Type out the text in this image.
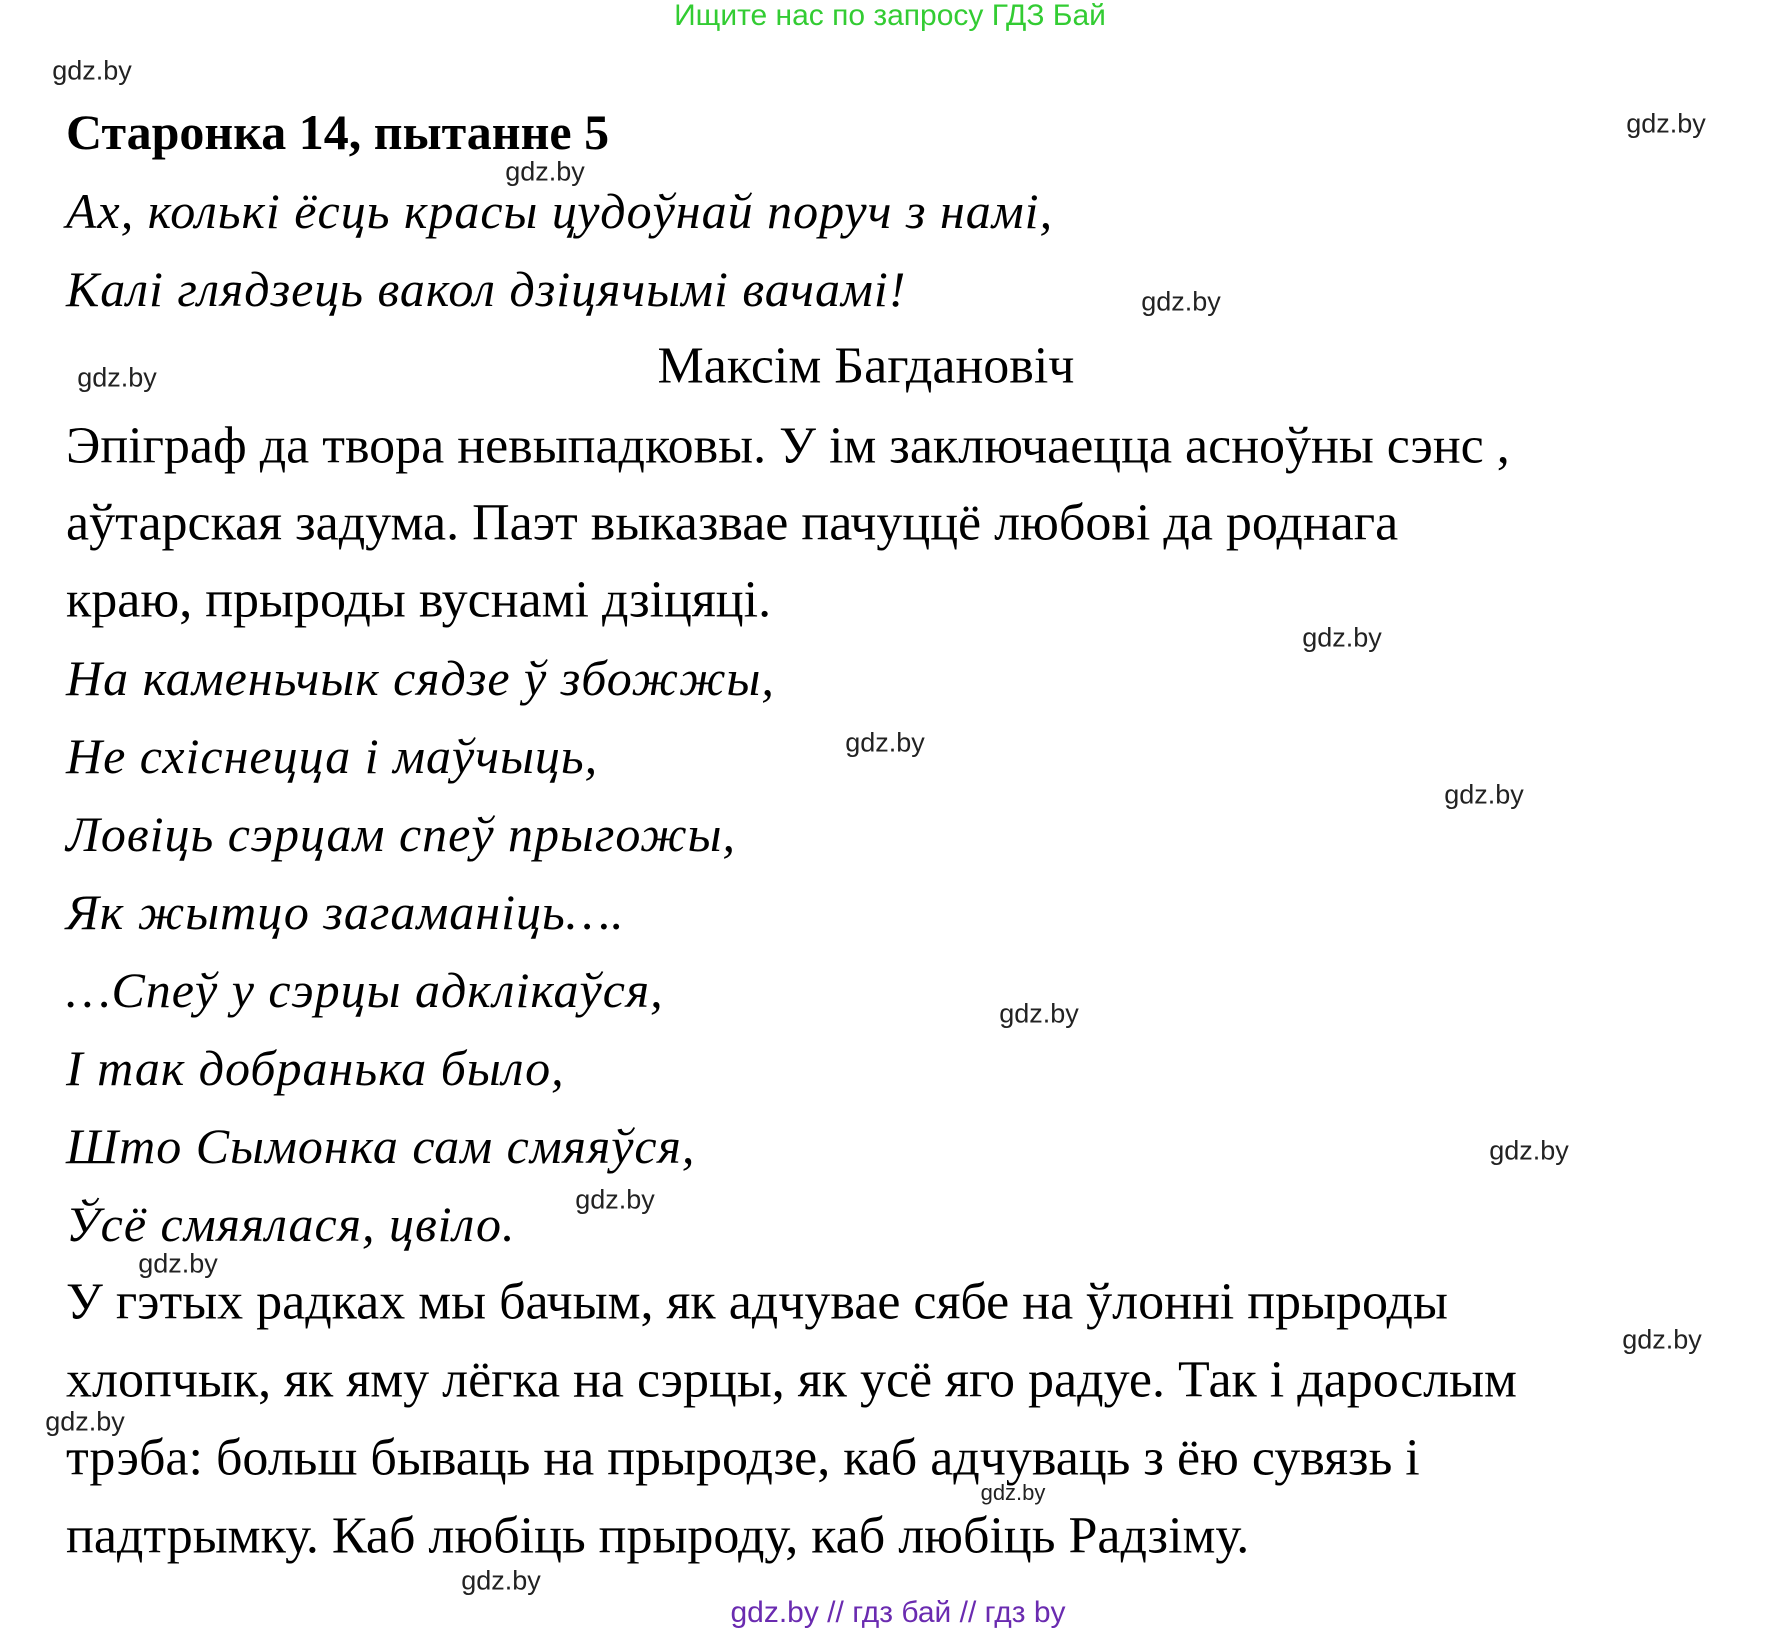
Ищите нас по запросу ГДЗ Бай
Старонка 14, пытанне 5
Ах, колькі ёсць красы цудоўнай поруч з намі,
Калі глядзець вакол дзіцячымі вачамі!
Максім Багдановіч
Эпіграф да твора невыпадковы. У ім заключаецца асноўны сэнс ,
аўтарская задума. Паэт выказвае пачуццё любові да роднага
краю, прыроды вуснамі дзіцяці.
На каменьчык сядзе ў збожжы,
Не схіснецца і маўчыць,
Ловіць сэрцам спеў прыгожы,
Як жытцо загаманіць….
…Спеў у сэрцы адклікаўся,
І так добранька было,
Што Сымонка сам смяяўся,
Ўсё смяялася, цвіло.
У гэтых радках мы бачым, як адчувае сябе на ўлонні прыроды
хлопчык, як яму лёгка на сэрцы, як усё яго радуе. Так і дарослым
трэба: больш бываць на прыродзе, каб адчуваць з ёю сувязь і
падтрымку. Каб любіць прыроду, каб любіць Радзіму.
gdz.by
gdz.by
gdz.by
gdz.by
gdz.by
gdz.by
gdz.by
gdz.by
gdz.by
gdz.by
gdz.by
gdz.by
gdz.by
gdz.by
gdz.by
gdz.by
gdz.by // гдз бай // гдз by
